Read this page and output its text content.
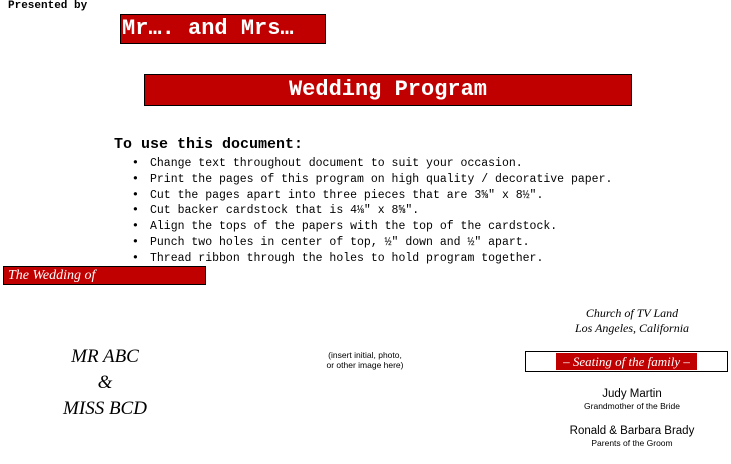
Presented by
Mr…. and Mrs…
Wedding Program
To use this document:
• Change text throughout document to suit your occasion.
• Print the pages of this program on high quality / decorative paper.
• Cut the pages apart into three pieces that are 3⅝" x 8½".
• Cut backer cardstock that is 4⅛" x 8⅝".
• Align the tops of the papers with the top of the cardstock.
• Punch two holes in center of top, ½" down and ½" apart.
• Thread ribbon through the holes to hold program together.
The Wedding of
Church of TV Land
Los Angeles, California
MR ABC
&
MISS BCD
(insert initial, photo,
or other image here)	– Seating of the family –
Judy Martin
Grandmother of the Bride
Ronald & Barbara Brady
Parents of the Groom
